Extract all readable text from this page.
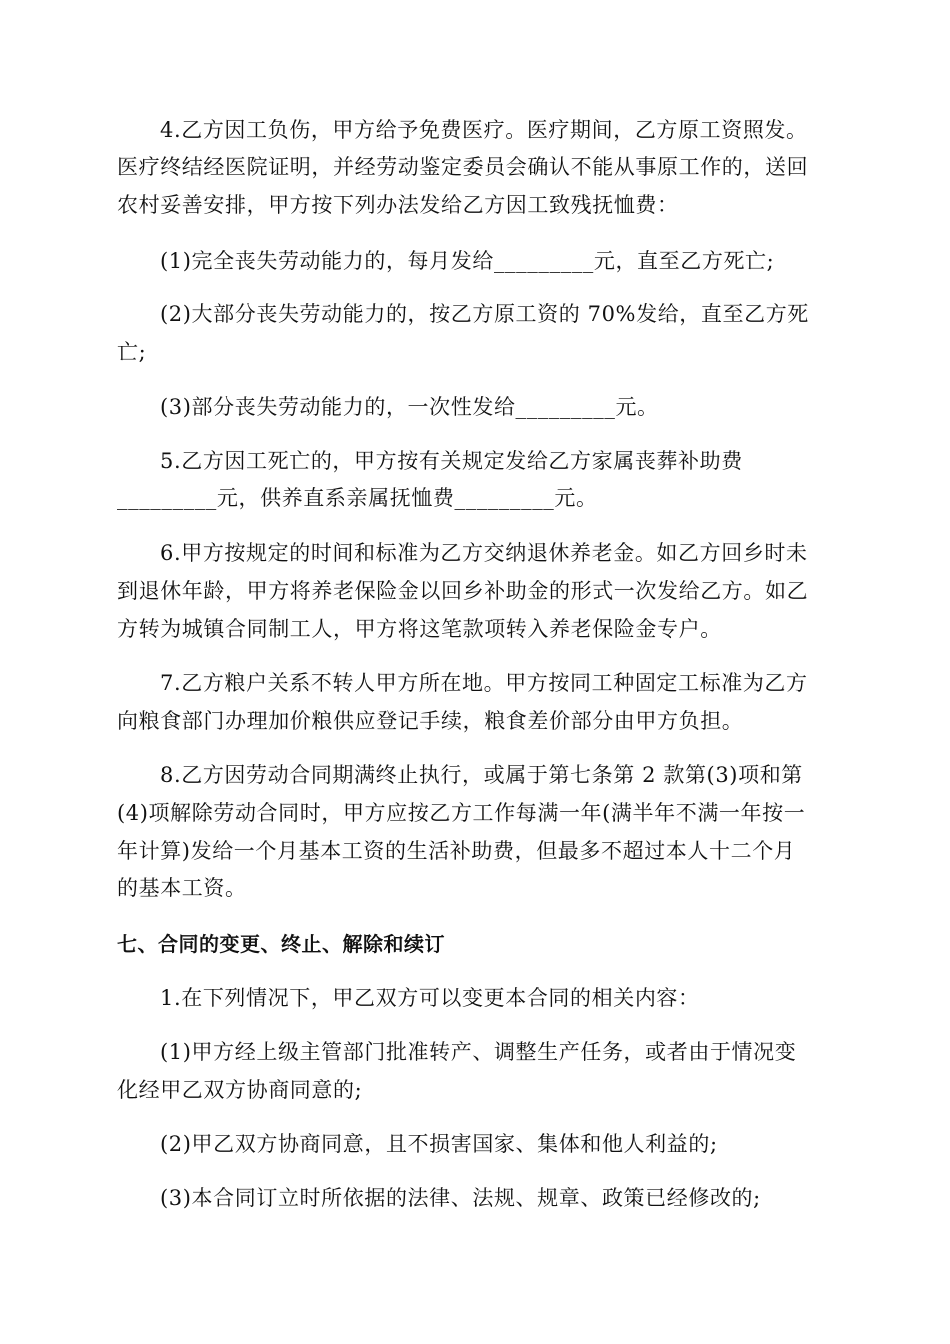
4.乙方因工负伤，甲方给予免费医疗。医疗期间，乙方原工资照发。
医疗终结经医院证明，并经劳动鉴定委员会确认不能从事原工作的，送回
农村妥善安排，甲方按下列办法发给乙方因工致残抚恤费：
(1)完全丧失劳动能力的，每月发给_________元，直至乙方死亡;
(2)大部分丧失劳动能力的，按乙方原工资的 70%发给，直至乙方死
亡;
(3)部分丧失劳动能力的，一次性发给_________元。
5.乙方因工死亡的，甲方按有关规定发给乙方家属丧葬补助费
_________元，供养直系亲属抚恤费_________元。
6.甲方按规定的时间和标准为乙方交纳退休养老金。如乙方回乡时未
到退休年龄，甲方将养老保险金以回乡补助金的形式一次发给乙方。如乙
方转为城镇合同制工人，甲方将这笔款项转入养老保险金专户。
7.乙方粮户关系不转人甲方所在地。甲方按同工种固定工标准为乙方
向粮食部门办理加价粮供应登记手续，粮食差价部分由甲方负担。
8.乙方因劳动合同期满终止执行，或属于第七条第 2 款第(3)项和第
(4)项解除劳动合同时，甲方应按乙方工作每满一年(满半年不满一年按一
年计算)发给一个月基本工资的生活补助费，但最多不超过本人十二个月
的基本工资。
七、合同的变更、终止、解除和续订
1.在下列情况下，甲乙双方可以变更本合同的相关内容：
(1)甲方经上级主管部门批准转产、调整生产任务，或者由于情况变
化经甲乙双方协商同意的;
(2)甲乙双方协商同意，且不损害国家、集体和他人利益的;
(3)本合同订立时所依据的法律、法规、规章、政策已经修改的;
